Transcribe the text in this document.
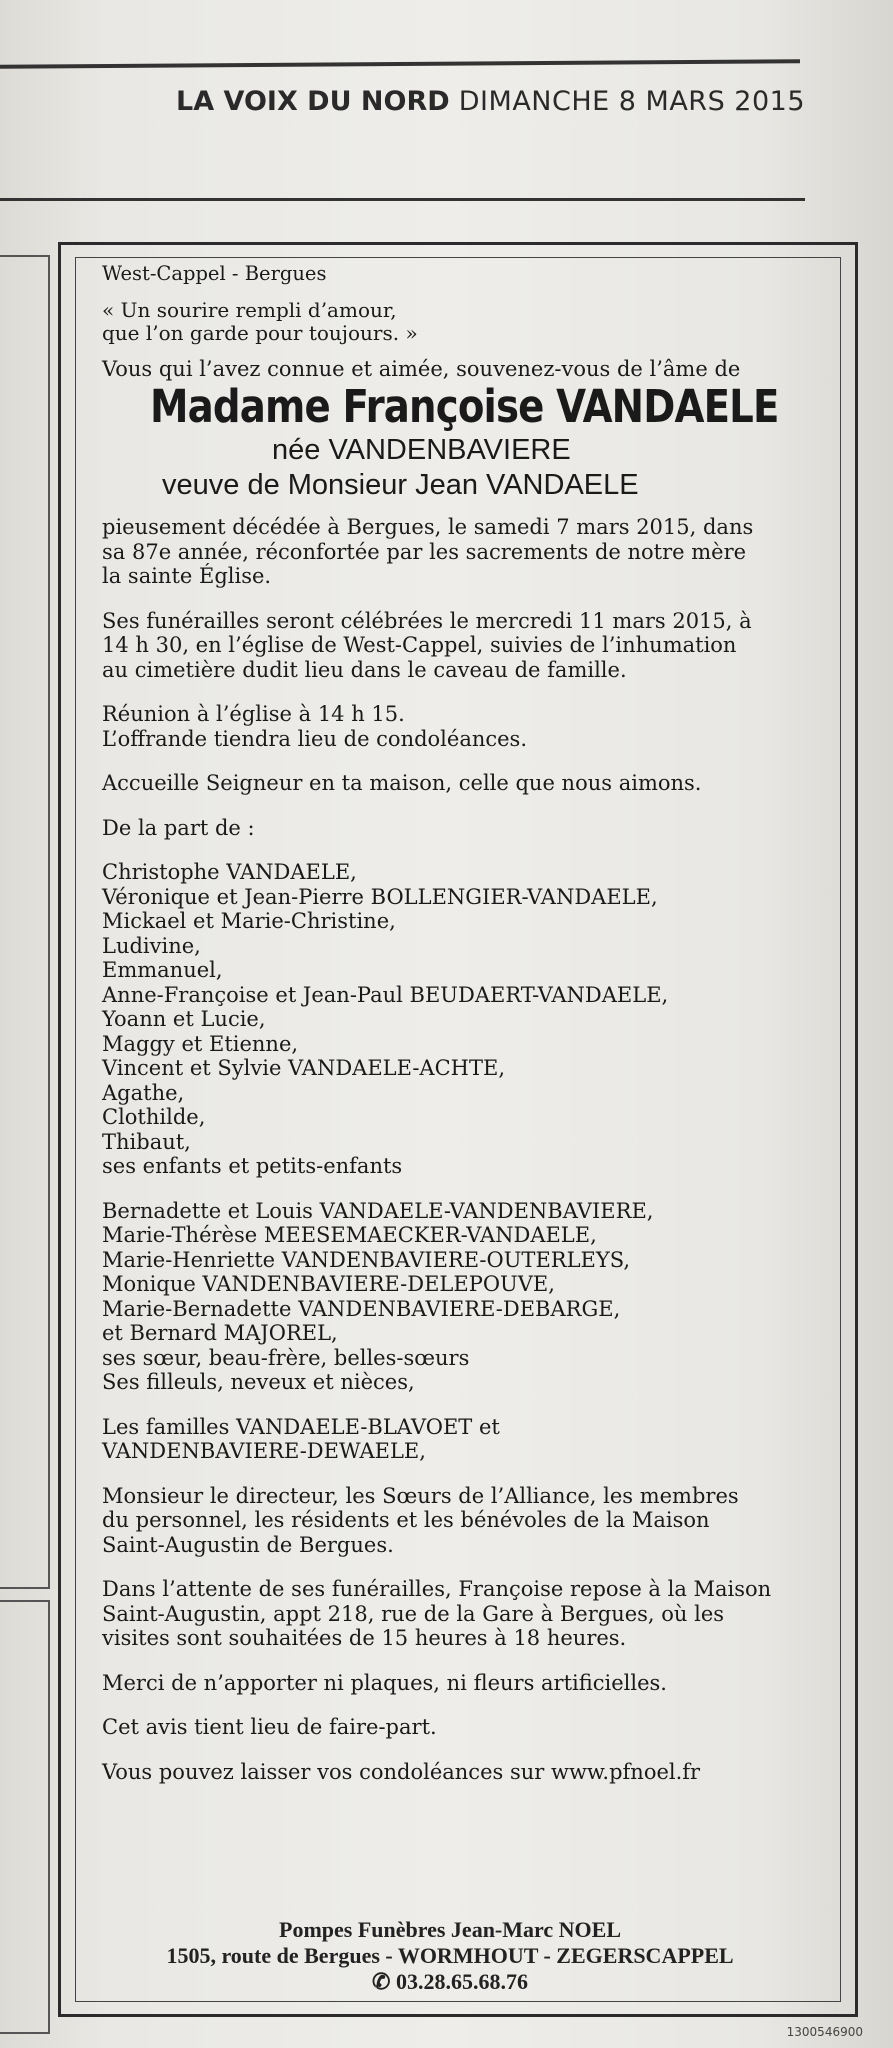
LA VOIX DU NORD DIMANCHE 8 MARS 2015

West-Cappel - Bergues

« Un sourire rempli d’amour,

que l’on garde pour toujours. »

Vous qui l’avez connue et aimée, souvenez-vous de l’âme de

Madame Françoise VANDAELE

née VANDENBAVIERE

veuve de Monsieur Jean VANDAELE

pieusement décédée à Bergues, le samedi 7 mars 2015, dans

sa 87e année, réconfortée par les sacrements de notre mère

la sainte Église.

Ses funérailles seront célébrées le mercredi 11 mars 2015, à

14 h 30, en l’église de West-Cappel, suivies de l’inhumation

au cimetière dudit lieu dans le caveau de famille.

Réunion à l’église à 14 h 15.

L’offrande tiendra lieu de condoléances.

Accueille Seigneur en ta maison, celle que nous aimons.

De la part de :

Christophe VANDAELE,

Véronique et Jean-Pierre BOLLENGIER-VANDAELE,

Mickael et Marie-Christine,

Ludivine,

Emmanuel,

Anne-Françoise et Jean-Paul BEUDAERT-VANDAELE,

Yoann et Lucie,

Maggy et Etienne,

Vincent et Sylvie VANDAELE-ACHTE,

Agathe,

Clothilde,

Thibaut,

ses enfants et petits-enfants

Bernadette et Louis VANDAELE-VANDENBAVIERE,

Marie-Thérèse MEESEMAECKER-VANDAELE,

Marie-Henriette VANDENBAVIERE-OUTERLEYS,

Monique VANDENBAVIERE-DELEPOUVE,

Marie-Bernadette VANDENBAVIERE-DEBARGE,

et Bernard MAJOREL,

ses sœur, beau-frère, belles-sœurs

Ses filleuls, neveux et nièces,

Les familles VANDAELE-BLAVOET et

VANDENBAVIERE-DEWAELE,

Monsieur le directeur, les Sœurs de l’Alliance, les membres

du personnel, les résidents et les bénévoles de la Maison

Saint-Augustin de Bergues.

Dans l’attente de ses funérailles, Françoise repose à la Maison

Saint-Augustin, appt 218, rue de la Gare à Bergues, où les

visites sont souhaitées de 15 heures à 18 heures.

Merci de n’apporter ni plaques, ni fleurs artificielles.

Cet avis tient lieu de faire-part.

Vous pouvez laisser vos condoléances sur www.pfnoel.fr

Pompes Funèbres Jean-Marc NOEL
1505, route de Bergues - WORMHOUT - ZEGERSCAPPEL
✆ 03.28.65.68.76
1300546900
